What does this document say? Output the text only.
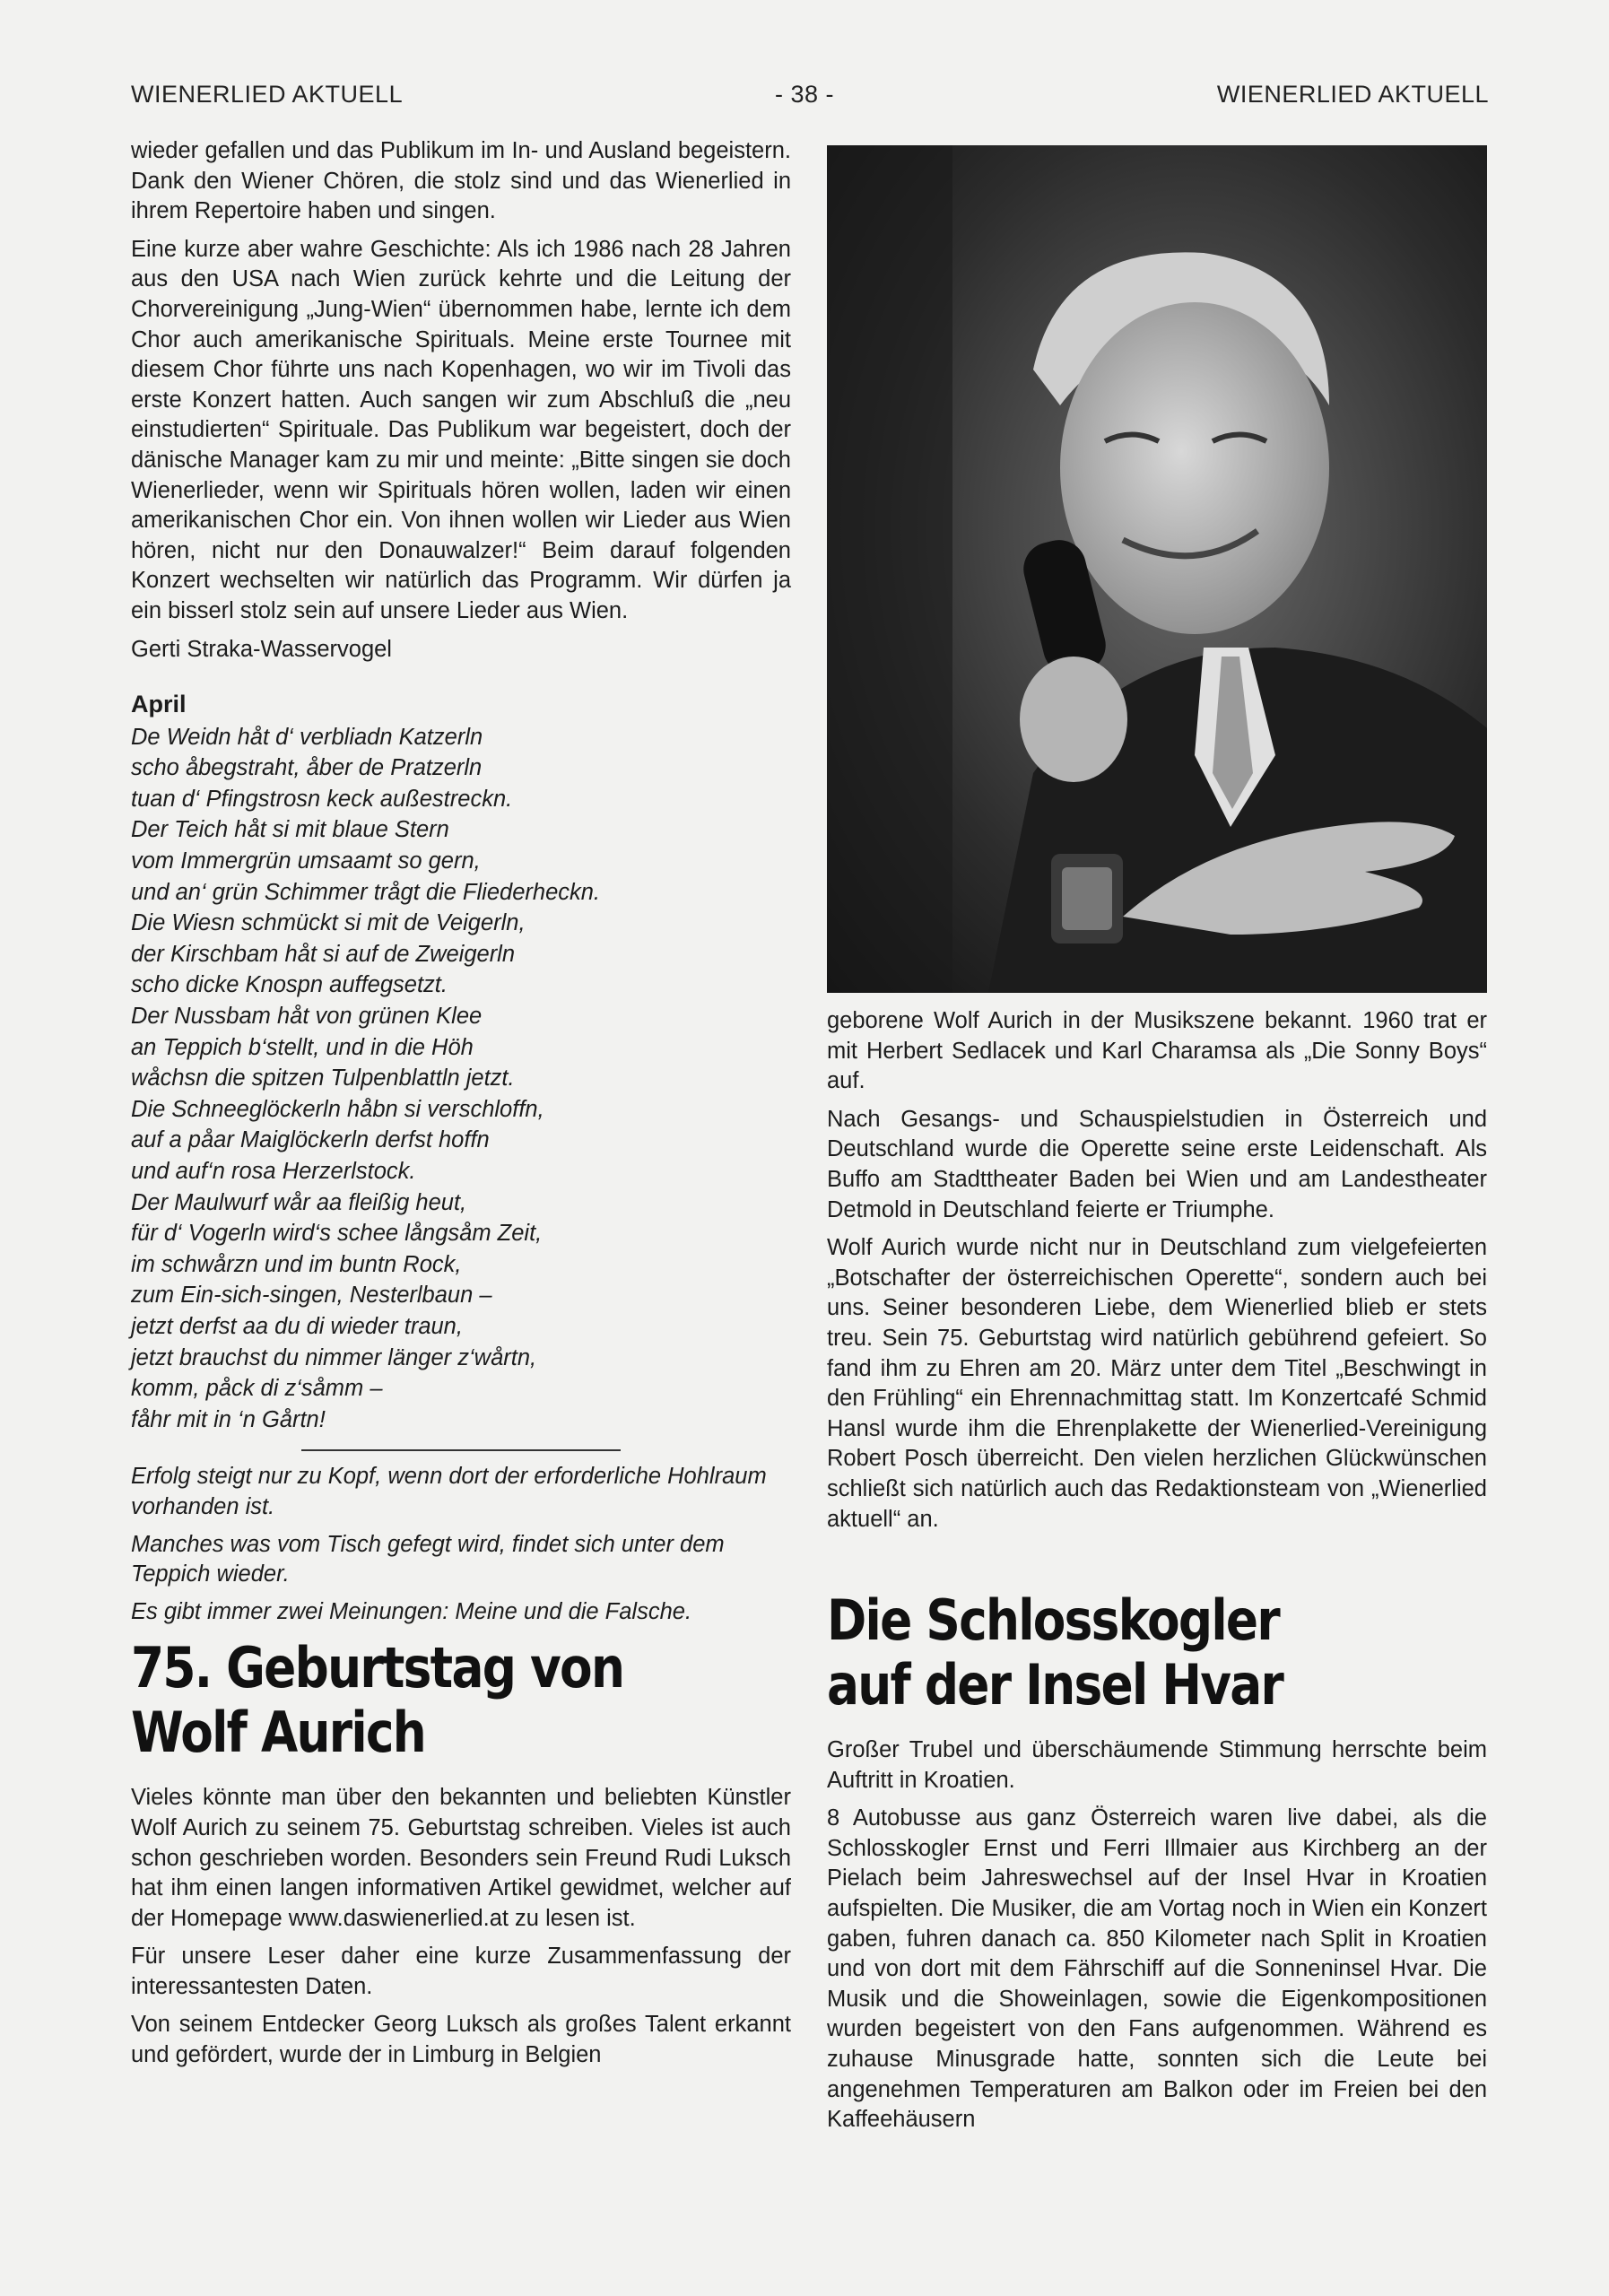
WIENERLIED AKTUELL	- 38 -	WIENERLIED AKTUELL

wieder gefallen und das Publikum im In- und Ausland begeistern. Dank den Wiener Chören, die stolz sind und das Wienerlied in ihrem Repertoire haben und singen.

Eine kurze aber wahre Geschichte: Als ich 1986 nach 28 Jahren aus den USA nach Wien zurück kehrte und die Leitung der Chorvereinigung „Jung-Wien“ übernommen habe, lernte ich dem Chor auch amerikanische Spirituals. Meine erste Tournee mit diesem Chor führte uns nach Kopenhagen, wo wir im Tivoli das erste Konzert hatten. Auch sangen wir zum Abschluß die „neu einstudierten“ Spirituale. Das Publikum war begeistert, doch der dänische Manager kam zu mir und meinte: „Bitte singen sie doch Wienerlieder, wenn wir Spirituals hören wollen, laden wir einen amerikanischen Chor ein. Von ihnen wollen wir Lieder aus Wien hören, nicht nur den Donauwalzer!“ Beim darauf folgenden Konzert wechselten wir natürlich das Programm. Wir dürfen ja ein bisserl stolz sein auf unsere Lieder aus Wien.

Gerti Straka-Wasservogel

April
De Weidn håt d‘ verbliadn Katzerln
scho åbegstraht, åber de Pratzerln
tuan d‘ Pfingstrosn keck außestreckn.
Der Teich håt si mit blaue Stern
vom Immergrün umsaamt so gern,
und an‘ grün Schimmer trågt die Fliederheckn.
Die Wiesn schmückt si mit de Veigerln,
der Kirschbam håt si auf de Zweigerln
scho dicke Knospn auffegsetzt.
Der Nussbam håt von grünen Klee
an Teppich b‘stellt, und in die Höh
wåchsn die spitzen Tulpenblattln jetzt.
Die Schneeglöckerln håbn si verschloffn,
auf a påar Maiglöckerln derfst hoffn
und auf‘n rosa Herzerlstock.
Der Maulwurf wår aa fleißig heut,
für d‘ Vogerln wird‘s schee långsåm Zeit,
im schwårzn und im buntn Rock,
zum Ein-sich-singen, Nesterlbaun –
jetzt derfst aa du di wieder traun,
jetzt brauchst du nimmer länger z‘wårtn,
komm, påck di z‘såmm –
fåhr mit in ‘n Gårtn!

Erfolg steigt nur zu Kopf, wenn dort der erforderliche Hohlraum vorhanden ist.

Manches was vom Tisch gefegt wird, findet sich unter dem Teppich wieder.

Es gibt immer zwei Meinungen: Meine und die Falsche.

75. Geburtstag von
Wolf Aurich

Vieles könnte man über den bekannten und beliebten Künstler Wolf Aurich zu seinem 75. Geburtstag schreiben. Vieles ist auch schon geschrieben worden. Besonders sein Freund Rudi Luksch hat ihm einen langen informativen Artikel gewidmet, welcher auf der Homepage www.daswienerlied.at zu lesen ist.

Für unsere Leser daher eine kurze Zusammenfassung der interessantesten Daten.

Von seinem Entdecker Georg Luksch als großes Talent erkannt und gefördert, wurde der in Limburg in Belgien

geborene Wolf Aurich in der Musikszene bekannt. 1960 trat er mit Herbert Sedlacek und Karl Charamsa als „Die Sonny Boys“ auf.

Nach Gesangs- und Schauspielstudien in Österreich und Deutschland wurde die Operette seine erste Leidenschaft. Als Buffo am Stadttheater Baden bei Wien und am Landestheater Detmold in Deutschland feierte er Triumphe.

Wolf Aurich wurde nicht nur in Deutschland zum vielgefeierten „Botschafter der österreichischen Operette“, sondern auch bei uns. Seiner besonderen Liebe, dem Wienerlied blieb er stets treu. Sein 75. Geburtstag wird natürlich gebührend gefeiert. So fand ihm zu Ehren am 20. März unter dem Titel „Beschwingt in den Frühling“ ein Ehrennachmittag statt. Im Konzertcafé Schmid Hansl wurde ihm die Ehrenplakette der Wienerlied-Vereinigung Robert Posch überreicht. Den vielen herzlichen Glückwünschen schließt sich natürlich auch das Redaktionsteam von „Wienerlied aktuell“ an.

Die Schlosskogler
auf der Insel Hvar

Großer Trubel und überschäumende Stimmung herrschte beim Auftritt in Kroatien.

8 Autobusse aus ganz Österreich waren live dabei, als die Schlosskogler Ernst und Ferri Illmaier aus Kirchberg an der Pielach beim Jahreswechsel auf der Insel Hvar in Kroatien aufspielten. Die Musiker, die am Vortag noch in Wien ein Konzert gaben, fuhren danach ca. 850 Kilometer nach Split in Kroatien und von dort mit dem Fährschiff auf die Sonneninsel Hvar. Die Musik und die Showeinlagen, sowie die Eigenkompositionen wurden begeistert von den Fans aufgenommen. Während es zuhause Minusgrade hatte, sonnten sich die Leute bei angenehmen Temperaturen am Balkon oder im Freien bei den Kaffeehäusern
